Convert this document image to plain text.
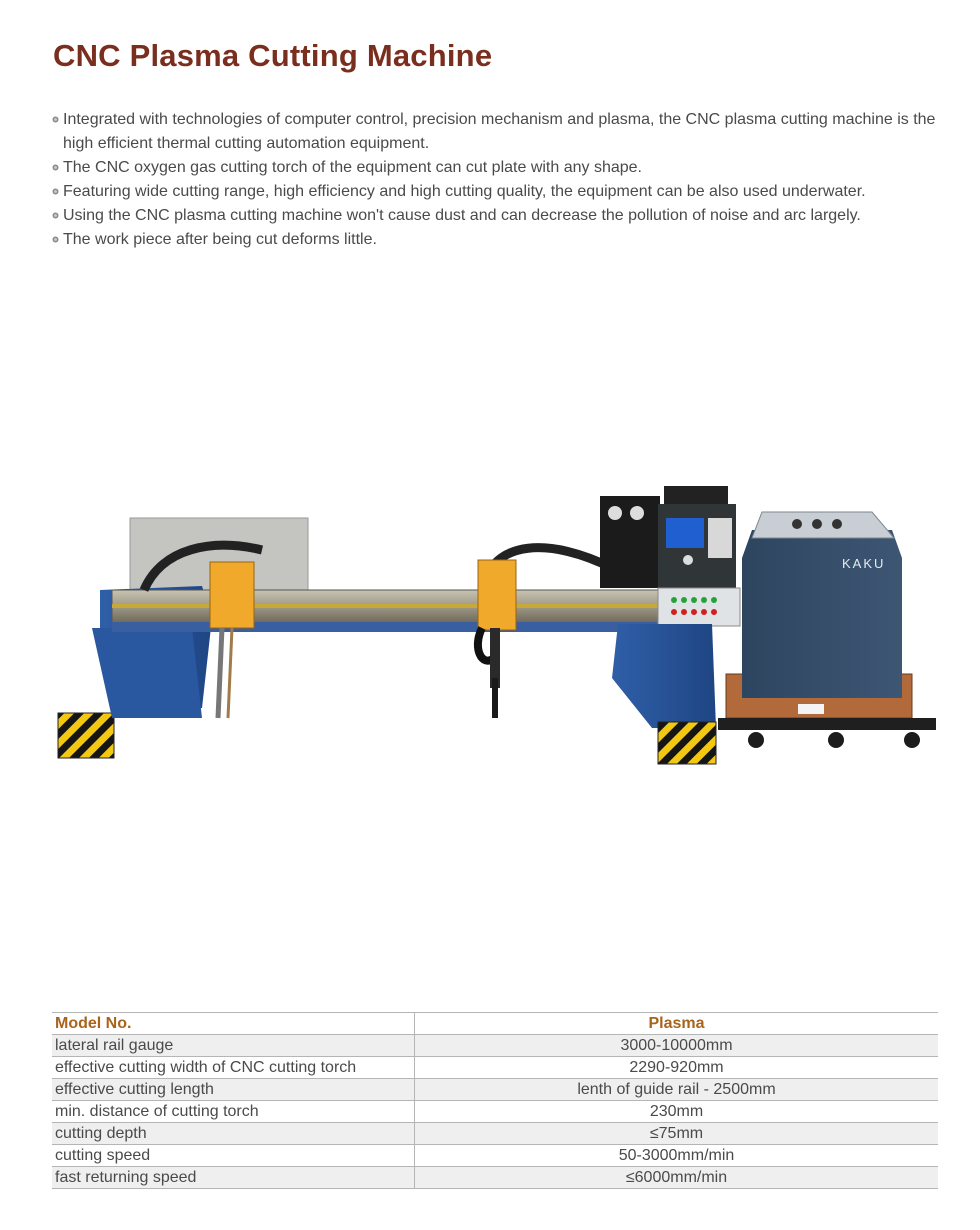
CNC Plasma Cutting Machine
Integrated with technologies of computer control, precision mechanism and plasma, the CNC plasma cutting machine is the high efficient thermal cutting automation equipment.
The CNC oxygen gas cutting torch of the equipment can cut plate with any shape.
Featuring wide cutting range, high efficiency and high cutting quality, the equipment can be also used underwater.
Using the CNC plasma cutting machine won't cause dust and can decrease the pollution of noise and arc largely.
The work piece after being cut deforms little.
KAKU
Model No.	Plasma
lateral rail gauge	3000-10000mm
effective cutting width of CNC cutting torch	2290-920mm
effective cutting length	lenth of guide rail - 2500mm
min. distance of cutting torch	230mm
cutting depth	≤75mm
cutting speed	50-3000mm/min
fast returning speed	≤6000mm/min
